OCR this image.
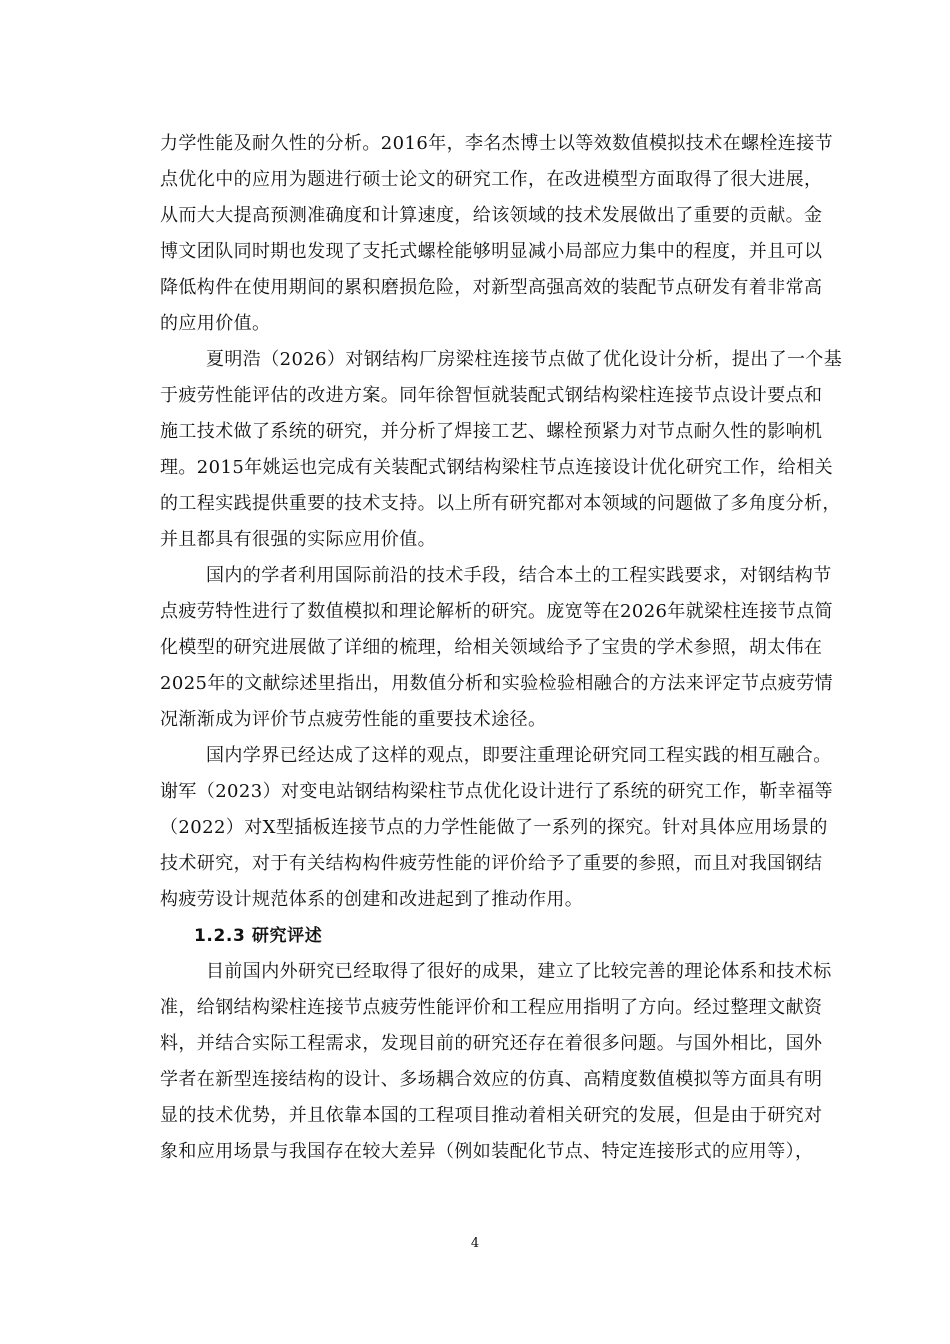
力学性能及耐久性的分析。2016年，李名杰博士以等效数值模拟技术在螺栓连接节
点优化中的应用为题进行硕士论文的研究工作，在改进模型方面取得了很大进展，
从而大大提高预测准确度和计算速度，给该领域的技术发展做出了重要的贡献。金
博文团队同时期也发现了支托式螺栓能够明显减小局部应力集中的程度，并且可以
降低构件在使用期间的累积磨损危险，对新型高强高效的装配节点研发有着非常高
的应用价值。
夏明浩（2026）对钢结构厂房梁柱连接节点做了优化设计分析，提出了一个基
于疲劳性能评估的改进方案。同年徐智恒就装配式钢结构梁柱连接节点设计要点和
施工技术做了系统的研究，并分析了焊接工艺、螺栓预紧力对节点耐久性的影响机
理。2015年姚运也完成有关装配式钢结构梁柱节点连接设计优化研究工作，给相关
的工程实践提供重要的技术支持。以上所有研究都对本领域的问题做了多角度分析，
并且都具有很强的实际应用价值。
国内的学者利用国际前沿的技术手段，结合本土的工程实践要求，对钢结构节
点疲劳特性进行了数值模拟和理论解析的研究。庞宽等在2026年就梁柱连接节点简
化模型的研究进展做了详细的梳理，给相关领域给予了宝贵的学术参照，胡太伟在
2025年的文献综述里指出，用数值分析和实验检验相融合的方法来评定节点疲劳情
况渐渐成为评价节点疲劳性能的重要技术途径。
国内学界已经达成了这样的观点，即要注重理论研究同工程实践的相互融合。
谢军（2023）对变电站钢结构梁柱节点优化设计进行了系统的研究工作，靳幸福等
（2022）对X型插板连接节点的力学性能做了一系列的探究。针对具体应用场景的
技术研究，对于有关结构构件疲劳性能的评价给予了重要的参照，而且对我国钢结
构疲劳设计规范体系的创建和改进起到了推动作用。
1.2.3 研究评述
目前国内外研究已经取得了很好的成果，建立了比较完善的理论体系和技术标
准，给钢结构梁柱连接节点疲劳性能评价和工程应用指明了方向。经过整理文献资
料，并结合实际工程需求，发现目前的研究还存在着很多问题。与国外相比，国外
学者在新型连接结构的设计、多场耦合效应的仿真、高精度数值模拟等方面具有明
显的技术优势，并且依靠本国的工程项目推动着相关研究的发展，但是由于研究对
象和应用场景与我国存在较大差异（例如装配化节点、特定连接形式的应用等），
4
